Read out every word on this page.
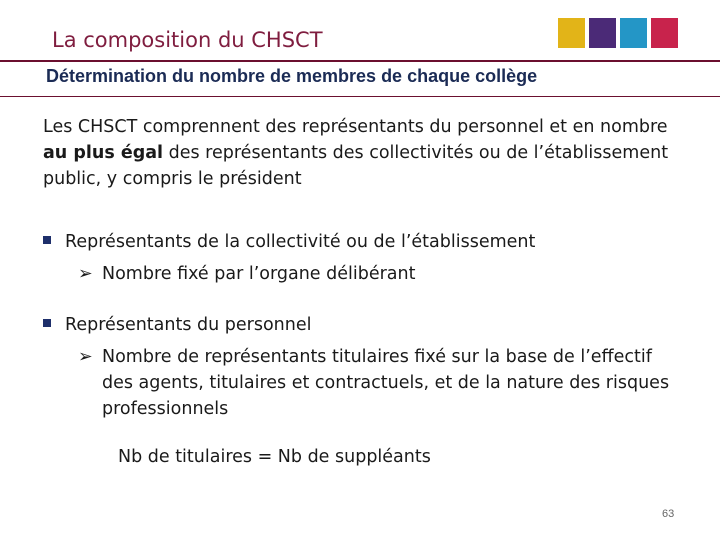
La composition du CHSCT
Détermination du nombre de membres de chaque collège

Les CHSCT comprennent des représentants du personnel et en nombre au plus égal des représentants des collectivités ou de l’établissement public, y compris le président

Représentants de la collectivité ou de l’établissement

➢ Nombre fixé par l’organe délibérant

Représentants du personnel

➢ Nombre de représentants titulaires fixé sur la base de l’effectif des agents, titulaires et contractuels, et de la nature des risques professionnels

Nb de titulaires = Nb de suppléants

63
